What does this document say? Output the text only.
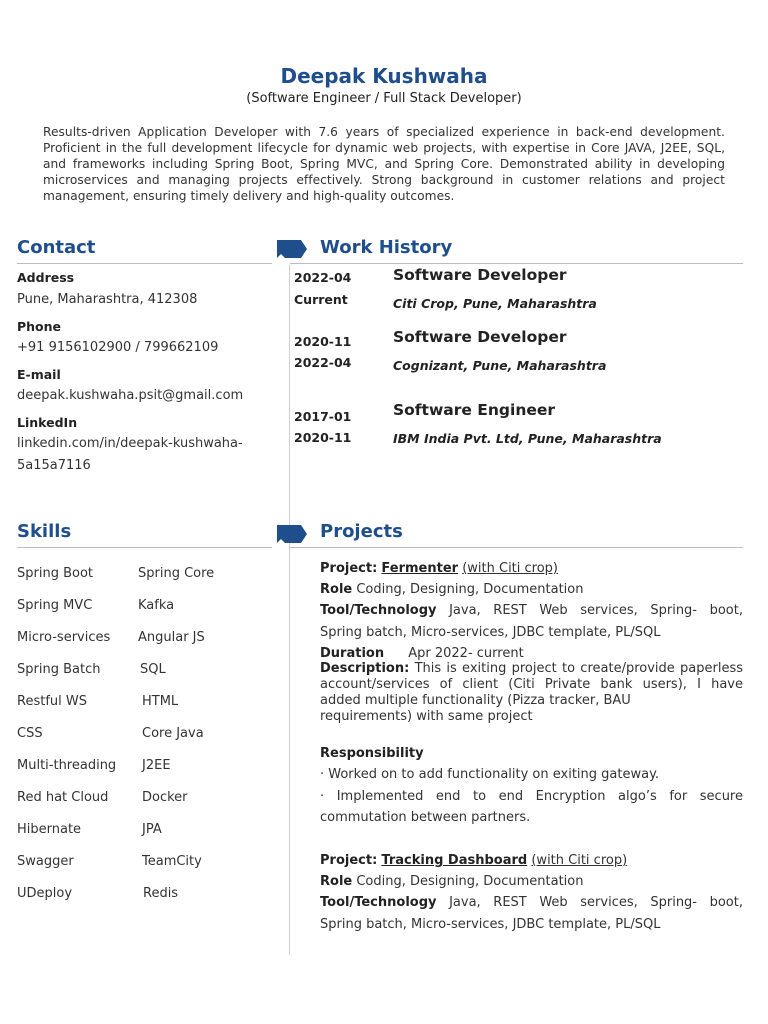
Deepak Kushwaha
(Software Engineer / Full Stack Developer)
Results-driven Application Developer with 7.6 years of specialized experience in back-end development. Proficient in the full development lifecycle for dynamic web projects, with expertise in Core JAVA, J2EE, SQL, and frameworks including Spring Boot, Spring MVC, and Spring Core. Demonstrated ability in developing microservices and managing projects effectively. Strong background in customer relations and project management, ensuring timely delivery and high-quality outcomes.
Contact
Address
Pune, Maharashtra, 412308
Phone
+91 9156102900 / 799662109
E-mail
deepak.kushwaha.psit@gmail.com
LinkedIn
linkedin.com/in/deepak-kushwaha-
5a15a7116
Work History
2022-04
Current
Software Developer
Citi Crop, Pune, Maharashtra
2020-11
2022-04
Software Developer
Cognizant, Pune, Maharashtra
2017-01
2020-11
Software Engineer
IBM India Pvt. Ltd, Pune, Maharashtra
Skills
Spring Boot
Spring MVC
Micro-services
Spring Batch
Restful WS
CSS
Multi-threading
Red hat Cloud
Hibernate
Swagger
UDeploy
Spring Core
Kafka
Angular JS
SQL
HTML
Core Java
J2EE
Docker
JPA
TeamCity
Redis
Projects
Project: Fermenter (with Citi crop)
Role Coding, Designing, Documentation
Tool/Technology Java, REST Web services, Spring- boot,
Spring batch, Micro-services, JDBC template, PL/SQL
Duration Apr 2022- current
Description: This is exiting project to create/provide paperless
account/services of client (Citi Private bank users), I have
added multiple functionality (Pizza tracker, BAU
requirements) with same project
Responsibility
· Worked on to add functionality on exiting gateway.
· Implemented end to end Encryption algo’s for secure
commutation between partners.
Project: Tracking Dashboard (with Citi crop)
Role Coding, Designing, Documentation
Tool/Technology Java, REST Web services, Spring- boot,
Spring batch, Micro-services, JDBC template, PL/SQL
